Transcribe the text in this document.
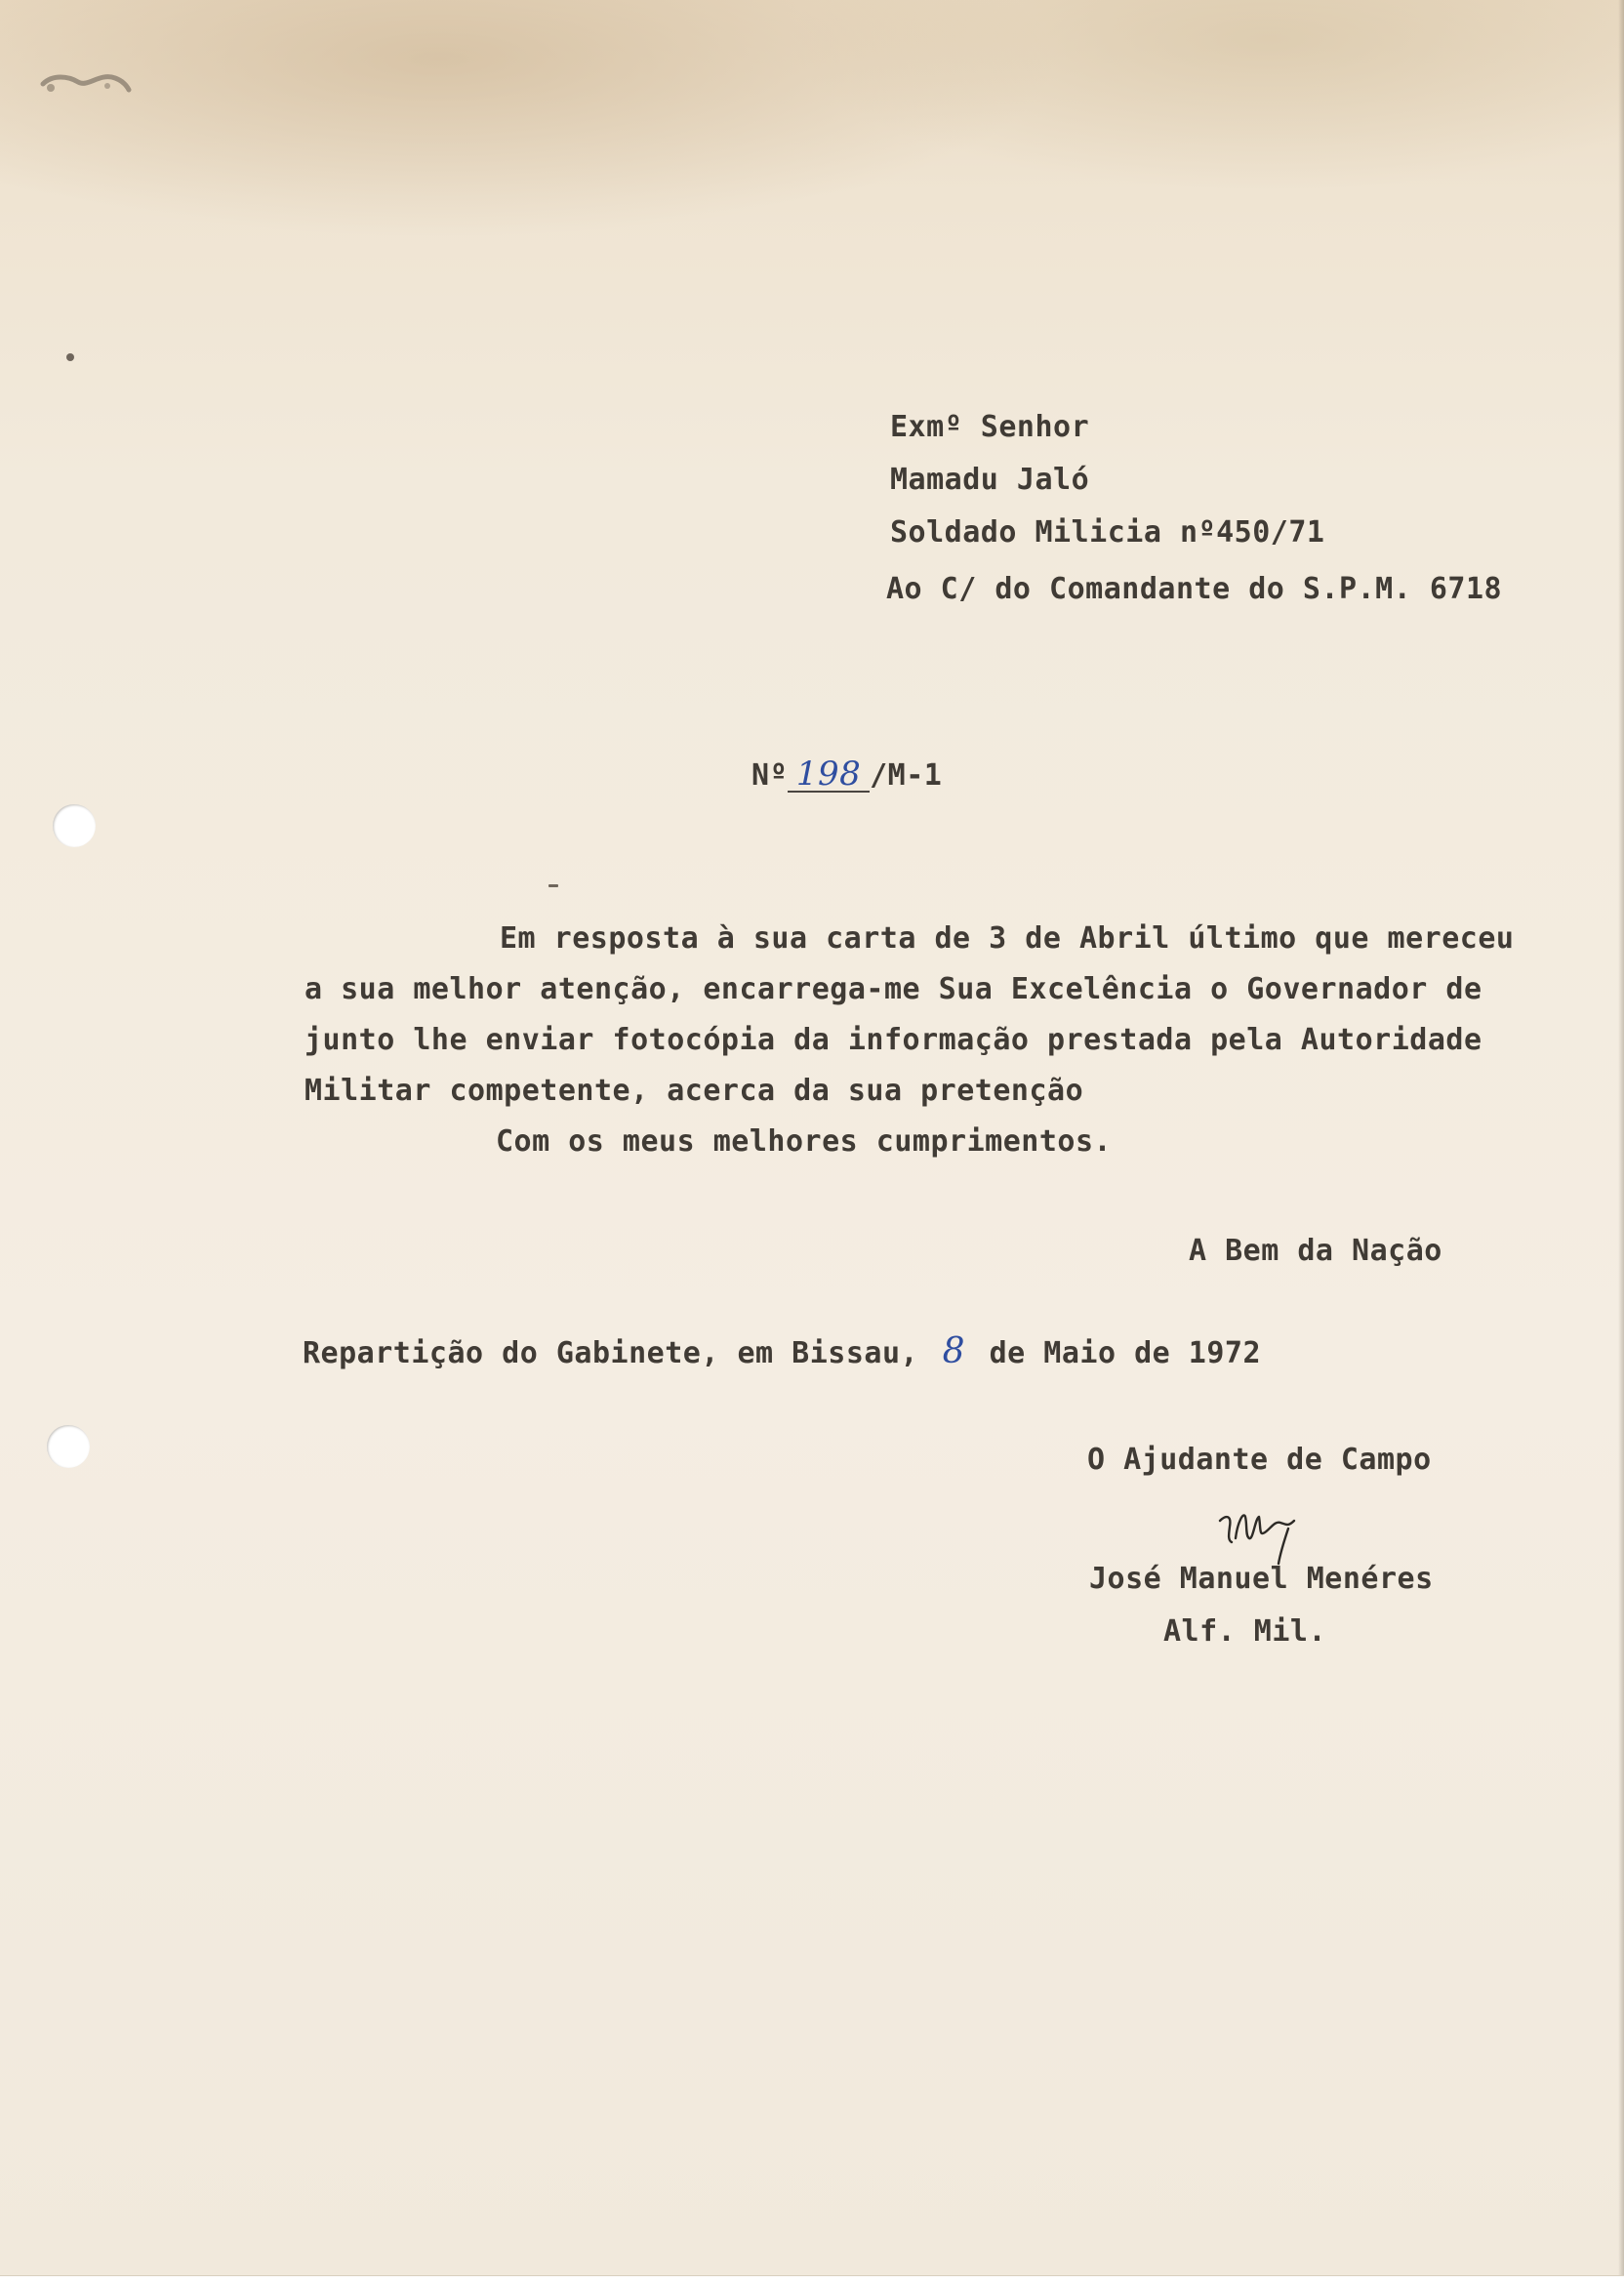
Exmº Senhor
Mamadu Jaló
Soldado Milicia nº450/71
Ao C/ do Comandante do S.P.M. 6718
Nº 198 /M-1
Em resposta à sua carta de 3 de Abril último que mereceu
a sua melhor atenção, encarrega-me Sua Excelência o Governador de
junto lhe enviar fotocópia da informação prestada pela Autoridade
Militar competente, acerca da sua pretenção
Com os meus melhores cumprimentos.
A Bem da Nação
Repartição do Gabinete, em Bissau, 8 de Maio de 1972
O Ajudante de Campo
José Manuel Menéres
Alf. Mil.
